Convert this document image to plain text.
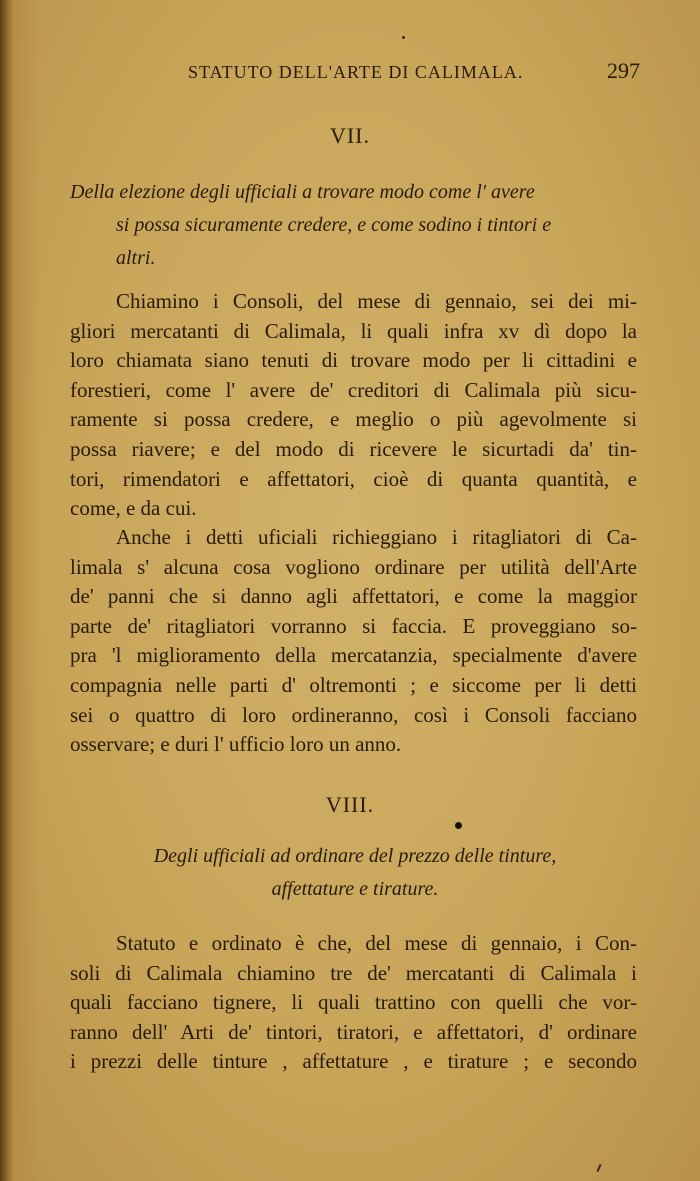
STATUTO DELL'ARTE DI CALIMALA.	297
VII.
Della elezione degli ufficiali a trovare modo come l' avere
si possa sicuramente credere, e come sodino i tintori e
altri.
Chiamino i Consoli, del mese di gennaio, sei dei mi-
gliori mercatanti di Calimala, li quali infra xv dì dopo la
loro chiamata siano tenuti di trovare modo per li cittadini e
forestieri, come l' avere de' creditori di Calimala più sicu-
ramente si possa credere, e meglio o più agevolmente si
possa riavere; e del modo di ricevere le sicurtadi da' tin-
tori, rimendatori e affettatori, cioè di quanta quantità, e
come, e da cui.
Anche i detti uficiali richieggiano i ritagliatori di Ca-
limala s' alcuna cosa vogliono ordinare per utilità dell'Arte
de' panni che si danno agli affettatori, e come la maggior
parte de' ritagliatori vorranno si faccia. E proveggiano so-
pra 'l miglioramento della mercatanzia, specialmente d'avere
compagnia nelle parti d' oltremonti ; e siccome per li detti
sei o quattro di loro ordineranno, così i Consoli facciano
osservare; e duri l' ufficio loro un anno.
VIII.
Degli ufficiali ad ordinare del prezzo delle tinture,
affettature e tirature.
Statuto e ordinato è che, del mese di gennaio, i Con-
soli di Calimala chiamino tre de' mercatanti di Calimala i
quali facciano tignere, li quali trattino con quelli che vor-
ranno dell' Arti de' tintori, tiratori, e affettatori, d' ordinare
i prezzi delle tinture , affettature , e tirature ; e secondo
